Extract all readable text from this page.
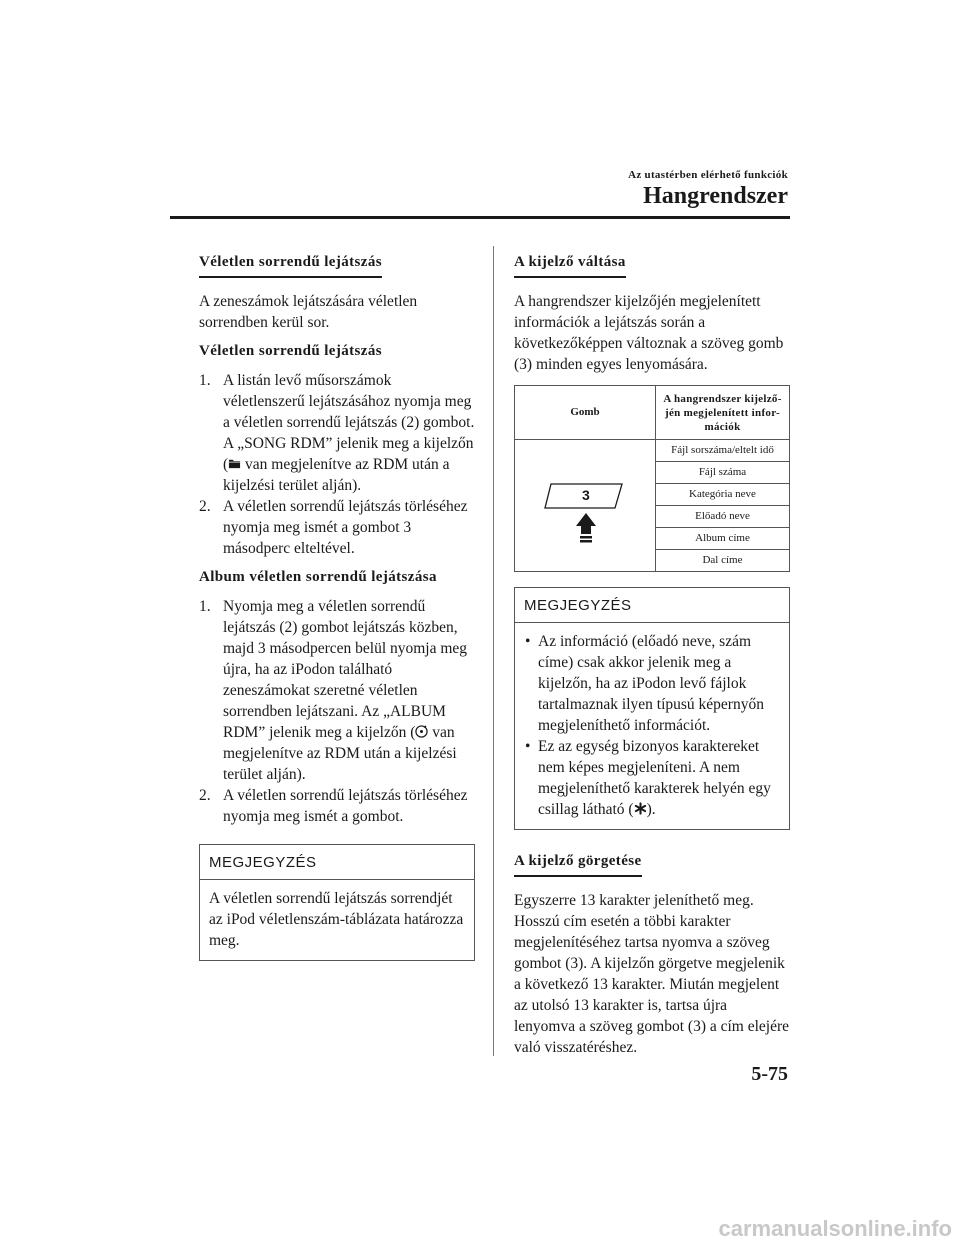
Az utastérben elérhető funkciók
Hangrendszer
Véletlen sorrendű lejátszás

A zeneszámok lejátszására véletlen sorrendben kerül sor.

Véletlen sorrendű lejátszás
1. A listán levő műsorszámok véletlenszerű lejátszásához nyomja meg a véletlen sorrendű lejátszás (2) gombot. A „SONG RDM” jelenik meg a kijelzőn ( van megjelenítve az RDM után a kijelzési terület alján).
2. A véletlen sorrendű lejátszás törléséhez nyomja meg ismét a gombot 3 másodperc elteltével.
Album véletlen sorrendű lejátszása
1. Nyomja meg a véletlen sorrendű lejátszás (2) gombot lejátszás közben, majd 3 másodpercen belül nyomja meg újra, ha az iPodon található zeneszámokat szeretné véletlen sorrendben lejátszani. Az „ALBUM RDM” jelenik meg a kijelzőn ( van megjelenítve az RDM után a kijelzési terület alján).
2. A véletlen sorrendű lejátszás törléséhez nyomja meg ismét a gombot.
MEGJEGYZÉS

A véletlen sorrendű lejátszás sorrendjét az iPod véletlenszám-táblázata határozza meg.

A kijelző váltása

A hangrendszer kijelzőjén megjelenített információk a lejátszás során a következőképpen változnak a szöveg gomb (3) minden egyes lenyomására.

Gomb	A hangrendszer kijelző-jén megjelenített infor-mációk

3	Fájl sorszáma/eltelt idő
	Fájl száma
	Kategória neve
	Előadó neve
	Album címe
	Dal címe
MEGJEGYZÉS
• Az információ (előadó neve, szám címe) csak akkor jelenik meg a kijelzőn, ha az iPodon levő fájlok tartalmaznak ilyen típusú képernyőn megjeleníthető információt.
• Ez az egység bizonyos karaktereket nem képes megjeleníteni. A nem megjeleníthető karakterek helyén egy csillag látható ( ).
A kijelző görgetése

Egyszerre 13 karakter jeleníthető meg. Hosszú cím esetén a többi karakter megjelenítéséhez tartsa nyomva a szöveg gombot (3). A kijelzőn görgetve megjelenik a következő 13 karakter. Miután megjelent az utolsó 13 karakter is, tartsa újra lenyomva a szöveg gombot (3) a cím elejére való visszatéréshez.

5-75
carmanualsonline.info
